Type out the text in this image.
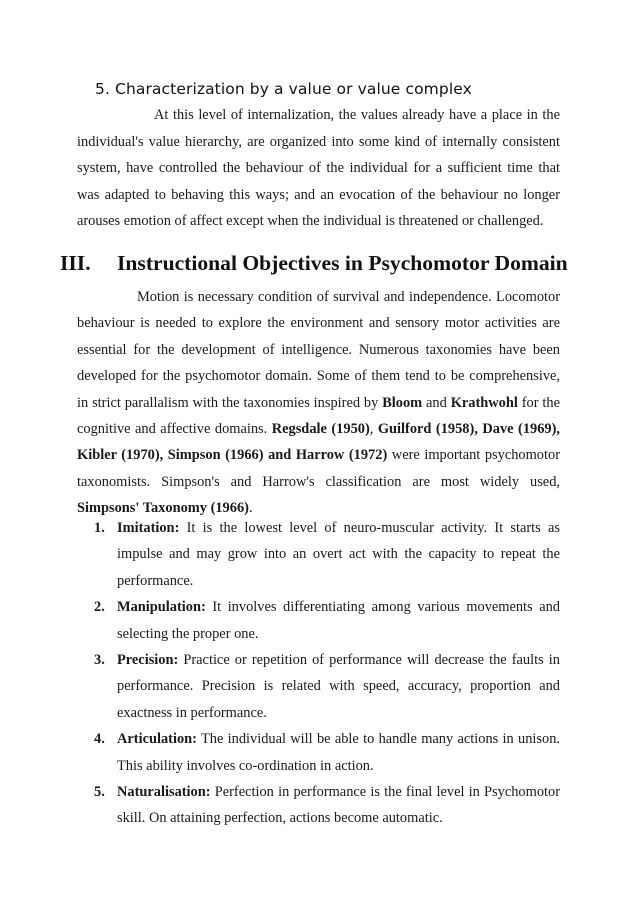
5. Characterization by a value or value complex

At this level of internalization, the values already have a place in the individual's value hierarchy, are organized into some kind of internally consistent system, have controlled the behaviour of the individual for a sufficient time that was adapted to behaving this ways; and an evocation of the behaviour no longer arouses emotion of affect except when the individual is threatened or challenged.

III. Instructional Objectives in Psychomotor Domain

Motion is necessary condition of survival and independence. Locomotor behaviour is needed to explore the environment and sensory motor activities are essential for the development of intelligence. Numerous taxonomies have been developed for the psychomotor domain. Some of them tend to be comprehensive, in strict parallalism with the taxonomies inspired by Bloom and Krathwohl for the cognitive and affective domains. Regsdale (1950), Guilford (1958), Dave (1969), Kibler (1970), Simpson (1966) and Harrow (1972) were important psychomotor taxonomists. Simpson's and Harrow's classification are most widely used, Simpsons' Taxonomy (1966).

1. Imitation: It is the lowest level of neuro-muscular activity. It starts as impulse and may grow into an overt act with the capacity to repeat the performance.
2. Manipulation: It involves differentiating among various movements and selecting the proper one.
3. Precision: Practice or repetition of performance will decrease the faults in performance. Precision is related with speed, accuracy, proportion and exactness in performance.
4. Articulation: The individual will be able to handle many actions in unison. This ability involves co-ordination in action.
5. Naturalisation: Perfection in performance is the final level in Psychomotor skill. On attaining perfection, actions become automatic.
